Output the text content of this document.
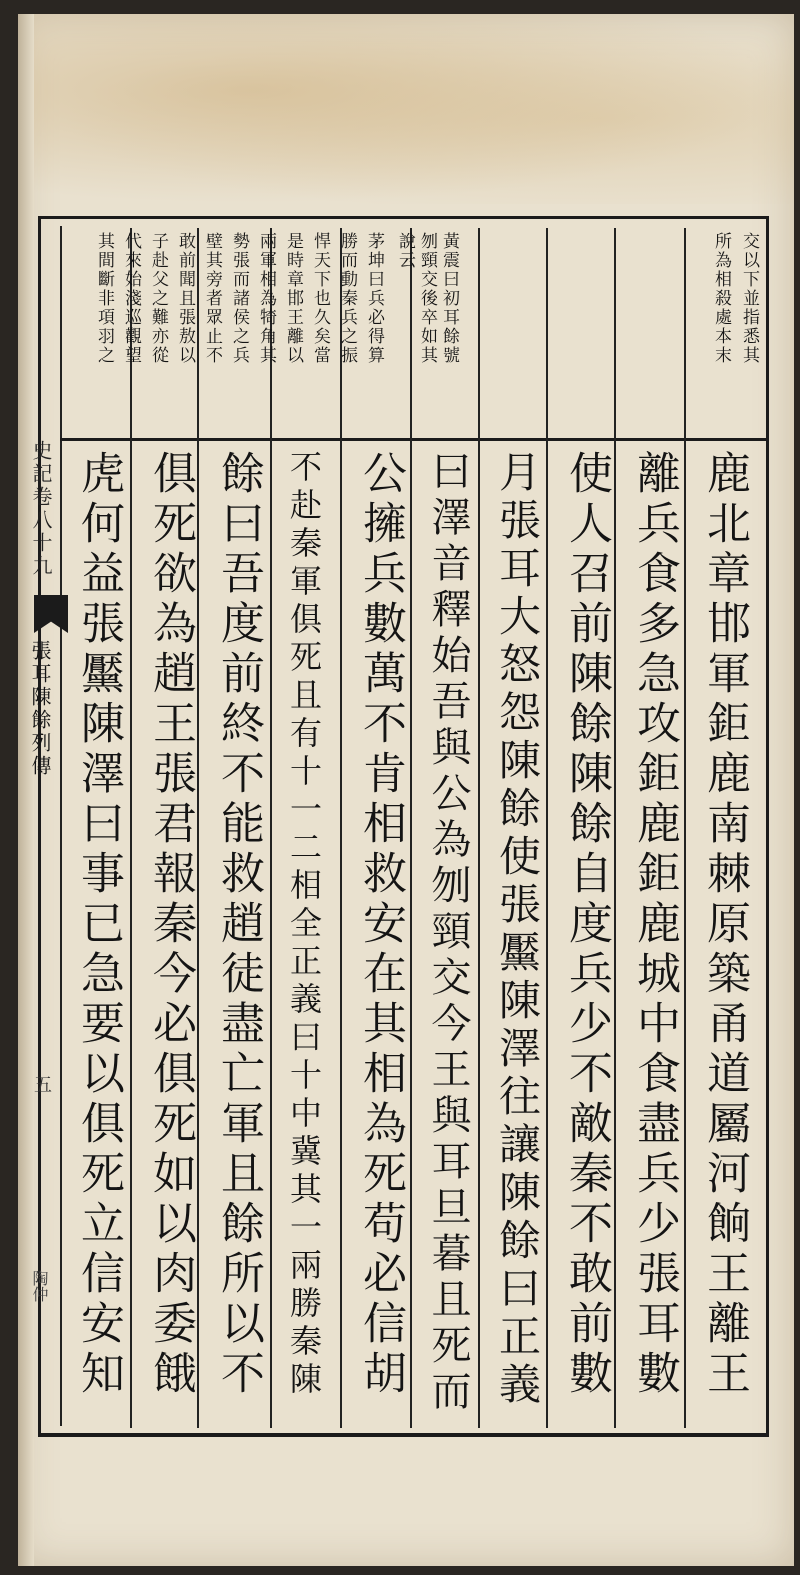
史記卷八十九
張耳陳餘列傳
五
陶仲
交以下並指悉其
所為相殺處本末
黃震曰初耳餘號
刎頸交後卒如其
說云
茅坤曰兵必得算
勝而動秦兵之振
悍天下也久矣當
是時章邯王離以
兩軍相為犄角其
勢張而諸侯之兵
壁其旁者眾止不
敢前聞且張敖以
子赴父之難亦從
代來始淺巡觀望
其間斷非項羽之
鹿北章邯軍鉅鹿南棘原築甬道屬河餉王離王
離兵食多急攻鉅鹿鉅鹿城中食盡兵少張耳數
使人召前陳餘陳餘自度兵少不敵秦不敢前數
月張耳大怒怨陳餘使張黶陳澤往讓陳餘曰正義
曰澤音釋始吾與公為刎頸交今王與耳旦暮且死而
公擁兵數萬不肯相救安在其相為死苟必信胡
不赴秦軍俱死且有十一二相全正義曰十中冀其一兩勝秦陳
餘曰吾度前終不能救趙徒盡亡軍且餘所以不
俱死欲為趙王張君報秦今必俱死如以肉委餓
虎何益張黶陳澤曰事已急要以俱死立信安知
